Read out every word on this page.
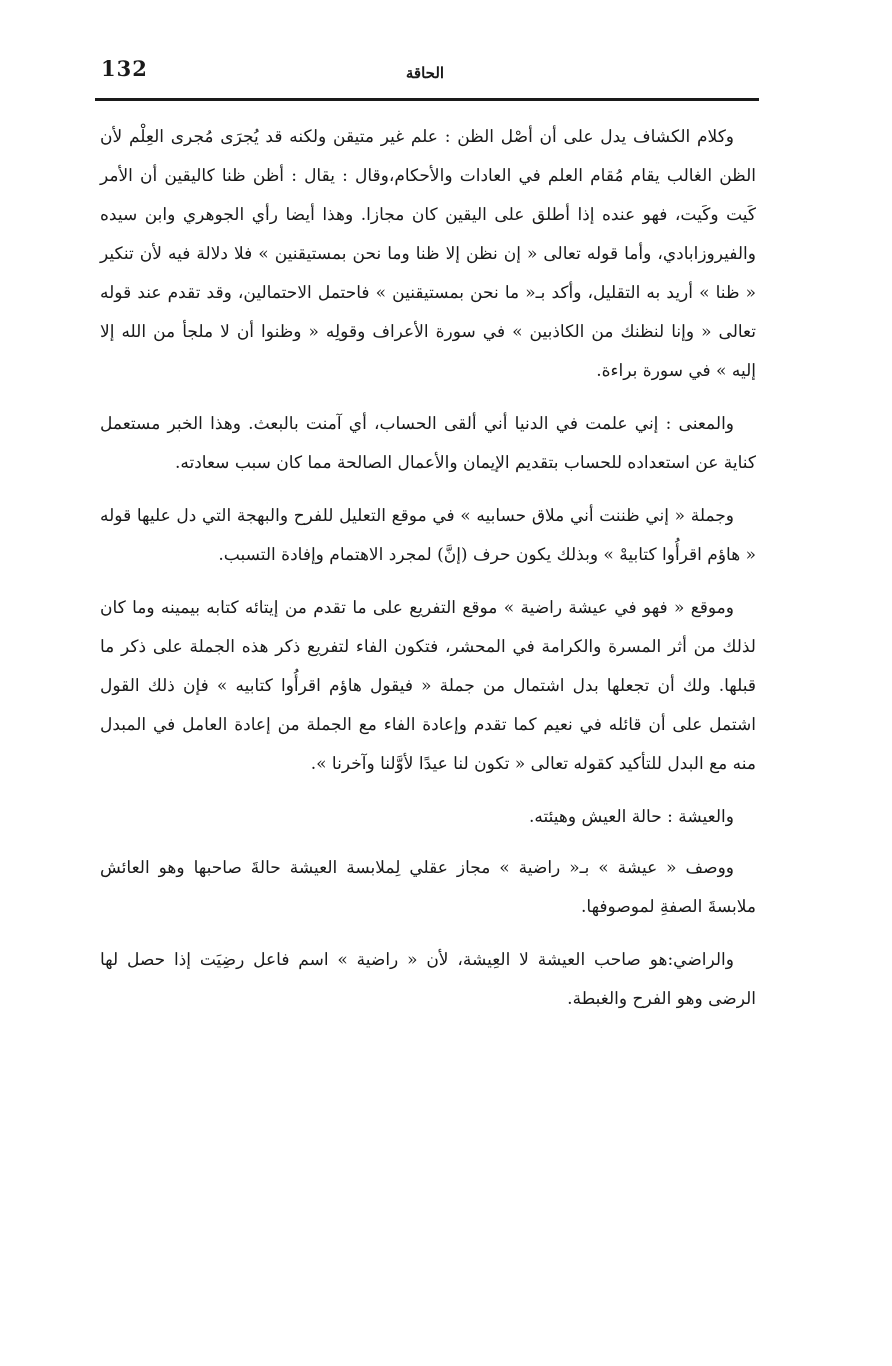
132	الحاقة

وكلام الكشاف يدل على أن أصْل الظن : علم غير متيقن ولكنه قد يُجرَى مُجرى العِلْم لأن الظن الغالب يقام مُقام العلم في العادات والأحكام،وقال : يقال : أظن ظنا كاليقين أن الأمر كَيت وكَيت، فهو عنده إذا أطلق على اليقين كان مجازا. وهذا أيضا رأي الجوهري وابن سيده والفيروزابادي، وأما قوله تعالى « إن نظن إلا ظنا وما نحن بمستيقنين » فلا دلالة فيه لأن تنكير « ظنا » أريد به التقليل، وأكد بـ« ما نحن بمستيقنين » فاحتمل الاحتمالين، وقد تقدم عند قوله تعالى « وإنا لنظنك من الكاذبين » في سورة الأعراف وقولِه « وظنوا أن لا ملجأ من الله إلا إليه » في سورة براءة.

والمعنى : إني علمت في الدنيا أني ألقى الحساب، أي آمنت بالبعث. وهذا الخبر مستعمل كناية عن استعداده للحساب بتقديم الإيمان والأعمال الصالحة مما كان سبب سعادته.

وجملة « إني ظننت أني ملاق حسابيه » في موقع التعليل للفرح والبهجة التي دل عليها قوله « هاؤم اقرأُوا كتابيهْ » وبذلك يكون حرف (إنَّ) لمجرد الاهتمام وإفادة التسبب.

وموقع « فهو في عيشة راضية » موقع التفريع على ما تقدم من إيتائه كتابه بيمينه وما كان لذلك من أثر المسرة والكرامة في المحشر، فتكون الفاء لتفريع ذكر هذه الجملة على ذكر ما قبلها. ولك أن تجعلها بدل اشتمال من جملة « فيقول هاؤم اقرأُوا كتابيه » فإن ذلك القول اشتمل على أن قائله في نعيم كما تقدم وإعادة الفاء مع الجملة من إعادة العامل في المبدل منه مع البدل للتأكيد كقوله تعالى « تكون لنا عيدًا لأوَّلنا وآخرنا ».

والعيشة : حالة العيش وهيئته.

ووصف « عيشة » بـ« راضية » مجاز عقلي لِملابسة العيشة حالةَ صاحبها وهو العائش ملابسةَ الصفةِ لموصوفها.

والراضي:هو صاحب العيشة لا العِيشة، لأن « راضية » اسم فاعل رضِيَت إذا حصل لها الرضى وهو الفرح والغبطة.
